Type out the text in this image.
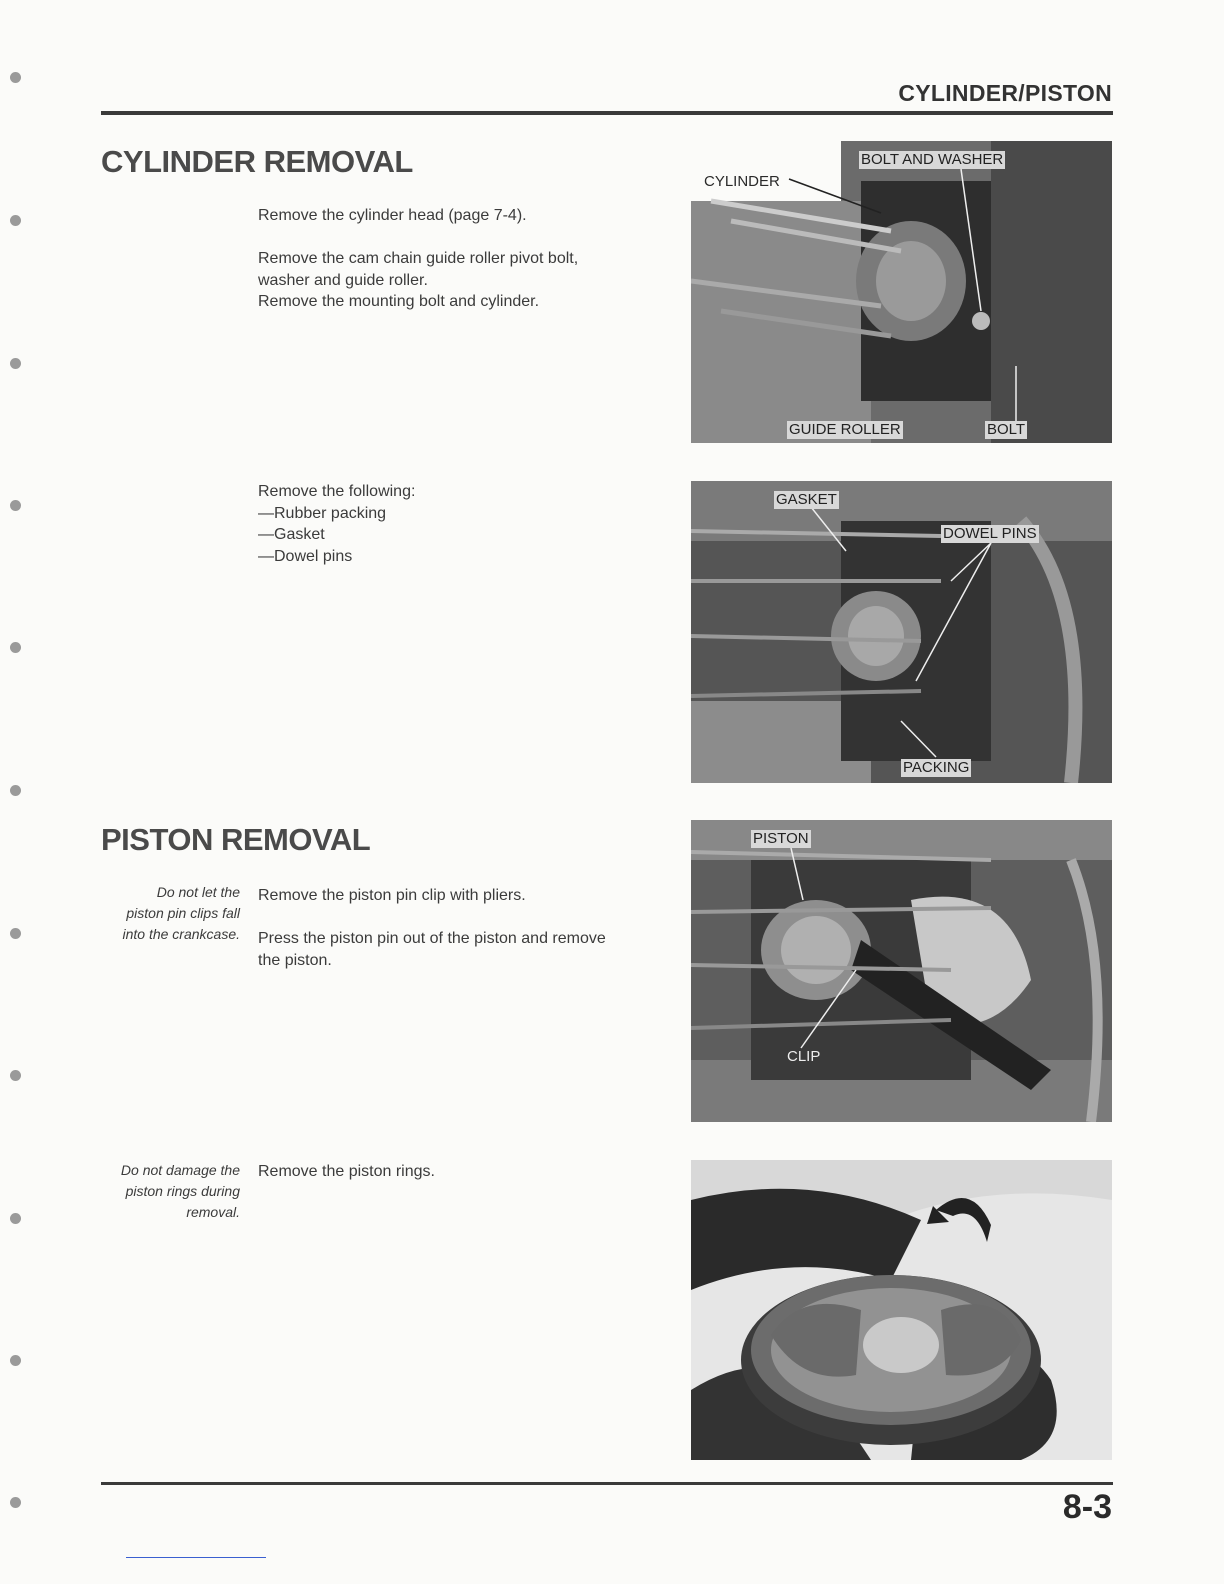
CYLINDER/PISTON
CYLINDER REMOVAL
Remove the cylinder head (page 7-4).
Remove the cam chain guide roller pivot bolt,
washer and guide roller.
Remove the mounting bolt and cylinder.
Remove the following:
—Rubber packing
—Gasket
—Dowel pins
CYLINDER
BOLT AND WASHER
GUIDE ROLLER	BOLT
GASKET
DOWEL PINS
PACKING
PISTON REMOVAL
Do not let the
piston pin clips fall
into the crankcase.
Remove the piston pin clip with pliers.
Press the piston pin out of the piston and remove
the piston.
PISTON
CLIP
Do not damage the
piston rings during
removal.
Remove the piston rings.
8-3
